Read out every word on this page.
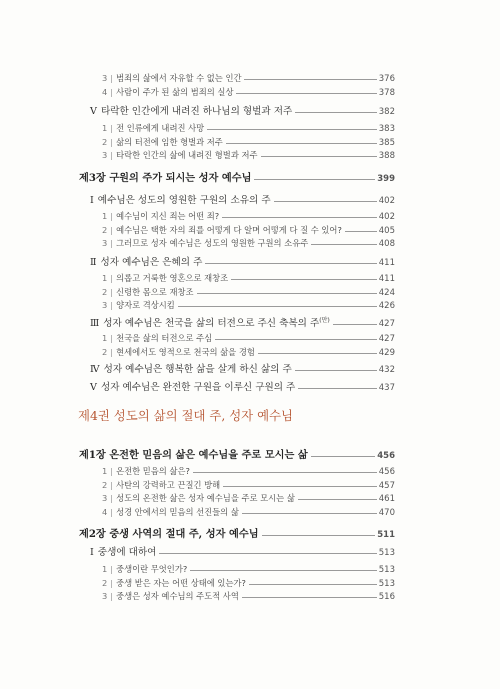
3 | 범죄의 삶에서 자유할 수 없는 인간	376
4 | 사람이 주가 된 삶의 범죄의 실상	378
V 타락한 인간에게 내려진 하나님의 형벌과 저주	382
1 | 전 인류에게 내려진 사망	383
2 | 삶의 터전에 임한 형벌과 저주	385
3 | 타락한 인간의 삶에 내려진 형벌과 저주	388
제3장 구원의 주가 되시는 성자 예수님	399
Ⅰ 예수님은 성도의 영원한 구원의 소유의 주	402
1 | 예수님이 지신 죄는 어떤 죄?	402
2 | 예수님은 택한 자의 죄를 어떻게 다 알며 어떻게 다 질 수 있어?	405
3 | 그러므로 성자 예수님은 성도의 영원한 구원의 소유주	408
Ⅱ 성자 예수님은 은혜의 주	411
1 | 의롭고 거룩한 영혼으로 재창조	411
2 | 신령한 몸으로 재창조	424
3 | 양자로 격상시킴	426
Ⅲ 성자 예수님은 천국을 삶의 터전으로 주신 축복의 주$^{(만)}$	427
1 | 천국을 삶의 터전으로 주심	427
2 | 현세에서도 영적으로 천국의 삶을 경험	429
Ⅳ 성자 예수님은 행복한 삶을 살게 하신 삶의 주	432
V 성자 예수님은 완전한 구원을 이루신 구원의 주	437
제4권 성도의 삶의 절대 주, 성자 예수님
제1장 온전한 믿음의 삶은 예수님을 주로 모시는 삶	456
1 | 온전한 믿음의 삶은?	456
2 | 사탄의 강력하고 끈질긴 방해	457
3 | 성도의 온전한 삶은 성자 예수님을 주로 모시는 삶	461
4 | 성경 안에서의 믿음의 선진들의 삶	470
제2장 중생 사역의 절대 주, 성자 예수님	511
Ⅰ 중생에 대하여	513
1 | 중생이란 무엇인가?	513
2 | 중생 받은 자는 어떤 상태에 있는가?	513
3 | 중생은 성자 예수님의 주도적 사역	516
